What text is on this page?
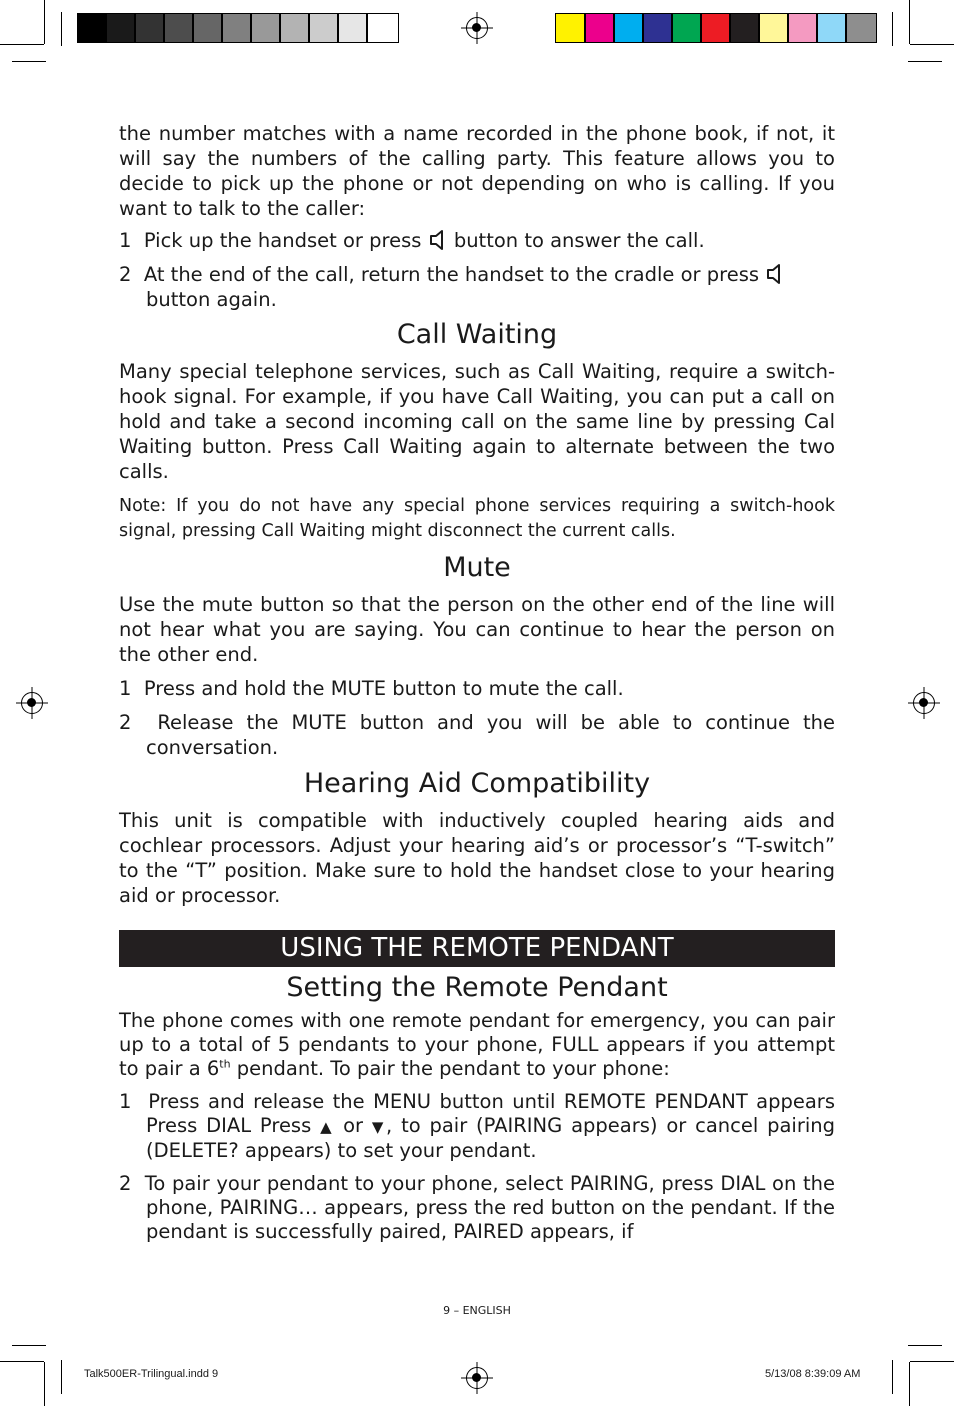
the number matches with a name recorded in the phone book, if not, it will say the numbers of the calling party. This feature allows you to decide to pick up the phone or not depending on who is calling. If you want to talk to the caller:

1 Pick up the handset or press button to answer the call.

2 At the end of the call, return the handset to the cradle or press  button again.

Call Waiting

Many special telephone services, such as Call Waiting, require a switch-hook signal. For example, if you have Call Waiting, you can put a call on hold and take a second incoming call on the same line by pressing Cal Waiting button. Press Call Waiting again to alternate between the two calls.

Note: If you do not have any special phone services requiring a switch-hook signal, pressing Call Waiting might disconnect the current calls.

Mute

Use the mute button so that the person on the other end of the line will not hear what you are saying. You can continue to hear the person on the other end.

1 Press and hold the MUTE button to mute the call.

2 Release the MUTE button and you will be able to continue the conversation.

Hearing Aid Compatibility

This unit is compatible with inductively coupled hearing aids and cochlear processors. Adjust your hearing aid’s or processor’s “T-switch” to the “T” position. Make sure to hold the handset close to your hearing aid or processor.

USING THE REMOTE PENDANT
Setting the Remote Pendant

The phone comes with one remote pendant for emergency, you can pair up to a total of 5 pendants to your phone, FULL appears if you attempt to pair a 6th pendant. To pair the pendant to your phone:

1 Press and release the MENU button until REMOTE PENDANT appears Press DIAL Press ▲ or ▼, to pair (PAIRING appears) or cancel pairing (DELETE? appears) to set your pendant.

2 To pair your pendant to your phone, select PAIRING, press DIAL on the phone, PAIRING… appears, press the red button on the pendant. If the pendant is successfully paired, PAIRED appears, if

9 – ENGLISH
Talk500ER-Trilingual.indd 9	5/13/08 8:39:09 AM
